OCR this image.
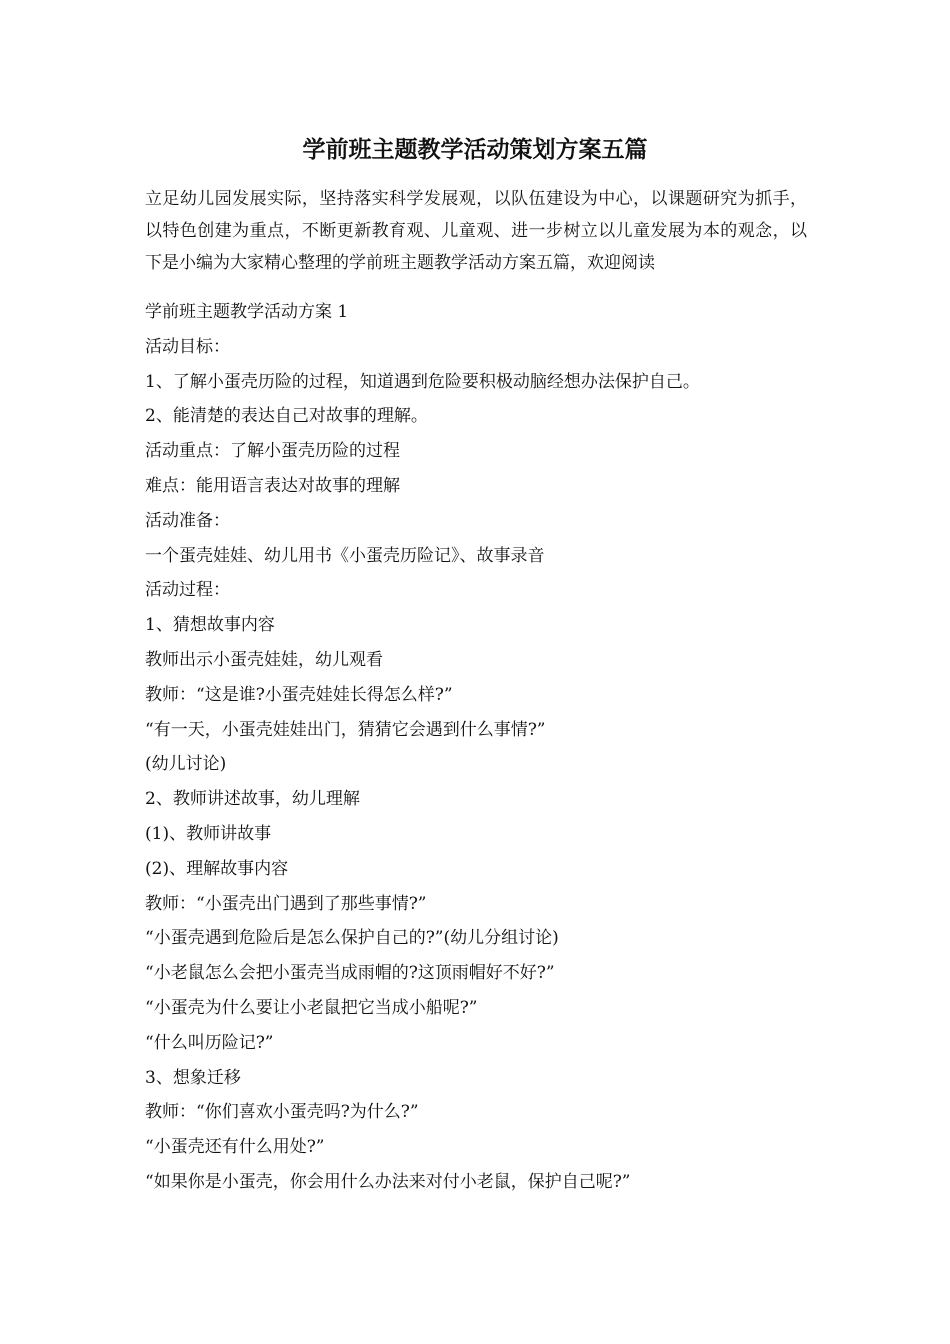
学前班主题教学活动策划方案五篇

立足幼儿园发展实际，坚持落实科学发展观，以队伍建设为中心，以课题研究为抓手，以特色创建为重点，不断更新教育观、儿童观、进一步树立以儿童发展为本的观念，以下是小编为大家精心整理的学前班主题教学活动方案五篇，欢迎阅读

学前班主题教学活动方案 1

活动目标：

1、了解小蛋壳历险的过程，知道遇到危险要积极动脑经想办法保护自己。

2、能清楚的表达自己对故事的理解。

活动重点：了解小蛋壳历险的过程

难点：能用语言表达对故事的理解

活动准备：

一个蛋壳娃娃、幼儿用书《小蛋壳历险记》、故事录音

活动过程：

1、猜想故事内容

教师出示小蛋壳娃娃，幼儿观看

教师：“这是谁?小蛋壳娃娃长得怎么样?”

“有一天，小蛋壳娃娃出门，猜猜它会遇到什么事情?”

(幼儿讨论)

2、教师讲述故事，幼儿理解

(1)、教师讲故事

(2)、理解故事内容

教师：“小蛋壳出门遇到了那些事情?”

“小蛋壳遇到危险后是怎么保护自己的?”(幼儿分组讨论)

“小老鼠怎么会把小蛋壳当成雨帽的?这顶雨帽好不好?”

“小蛋壳为什么要让小老鼠把它当成小船呢?”

“什么叫历险记?”

3、想象迁移

教师：“你们喜欢小蛋壳吗?为什么?”

“小蛋壳还有什么用处?”

“如果你是小蛋壳，你会用什么办法来对付小老鼠，保护自己呢?”
